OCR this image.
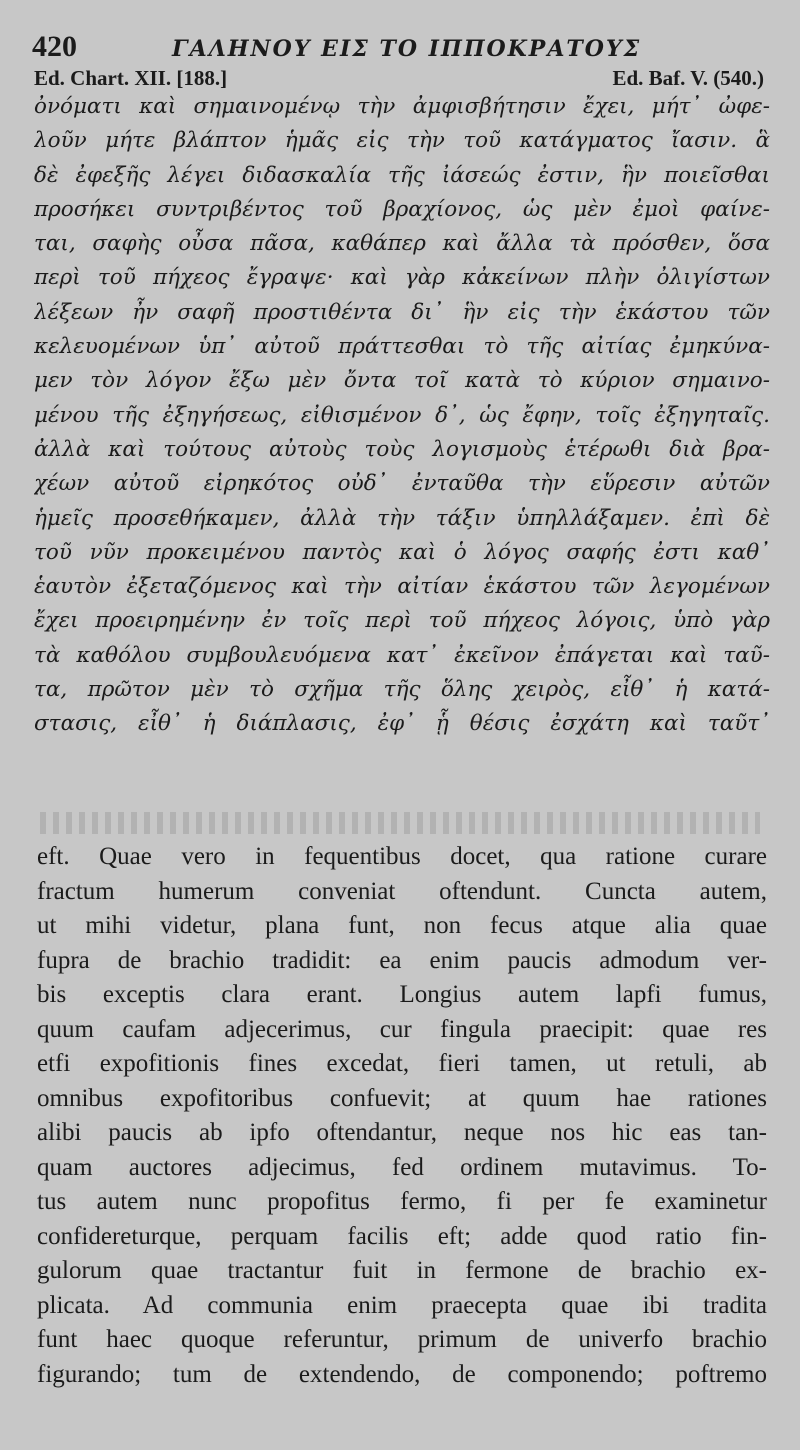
420	ΓΑΛΗΝΟΥ ΕΙΣ ΤΟ ΙΠΠΟΚΡΑΤΟΥΣ
Ed. Chart. XII. [188.]	Ed. Baf. V. (540.)
ὀνόματι καὶ σημαινομένῳ τὴν ἀμφισβήτησιν ἔχει, μήτ᾽ ὠφε-
λοῦν μήτε βλάπτον ἡμᾶς εἰς τὴν τοῦ κατάγματος ἴασιν. ἃ
δὲ ἐφεξῆς λέγει διδασκαλία τῆς ἰάσεώς ἐστιν, ἣν ποιεῖσθαι
προσήκει συντριβέντος τοῦ βραχίονος, ὡς μὲν ἐμοὶ φαίνε-
ται, σαφὴς οὖσα πᾶσα, καθάπερ καὶ ἄλλα τὰ πρόσθεν, ὅσα
περὶ τοῦ πήχεος ἔγραψε· καὶ γὰρ κἀκείνων πλὴν ὀλιγίστων
λέξεων ἦν σαφῆ προστιθέντα δι᾽ ἣν εἰς τὴν ἑκάστου τῶν
κελευομένων ὑπ᾽ αὐτοῦ πράττεσθαι τὸ τῆς αἰτίας ἐμηκύνα-
μεν τὸν λόγον ἔξω μὲν ὄντα τοῖ κατὰ τὸ κύριον σημαινο-
μένου τῆς ἐξηγήσεως, εἰθισμένον δ᾽, ὡς ἔφην, τοῖς ἐξηγηταῖς.
ἀλλὰ καὶ τούτους αὐτοὺς τοὺς λογισμοὺς ἑτέρωθι διὰ βρα-
χέων αὐτοῦ εἰρηκότος οὐδ᾽ ἐνταῦθα τὴν εὕρεσιν αὐτῶν
ἡμεῖς προσεθήκαμεν, ἀλλὰ τὴν τάξιν ὑπηλλάξαμεν. ἐπὶ δὲ
τοῦ νῦν προκειμένου παντὸς καὶ ὁ λόγος σαφής ἐστι καθ᾽
ἑαυτὸν ἐξεταζόμενος καὶ τὴν αἰτίαν ἑκάστου τῶν λεγομένων
ἔχει προειρημένην ἐν τοῖς περὶ τοῦ πήχεος λόγοις, ὑπὸ γὰρ
τὰ καθόλου συμβουλευόμενα κατ᾽ ἐκεῖνον ἐπάγεται καὶ ταῦ-
τα, πρῶτον μὲν τὸ σχῆμα τῆς ὅλης χειρὸς, εἶθ᾽ ἡ κατά-
στασις, εἶθ᾽ ἡ διάπλασις, ἐφ᾽ ᾗ θέσις ἐσχάτη καὶ ταῦτ᾽
eft. Quae vero in fequentibus docet, qua ratione curare
fractum humerum conveniat oftendunt. Cuncta autem,
ut mihi videtur, plana funt, non fecus atque alia quae
fupra de brachio tradidit: ea enim paucis admodum ver-
bis exceptis clara erant. Longius autem lapfi fumus,
quum caufam adjecerimus, cur fingula praecipit: quae res
etfi expofitionis fines excedat, fieri tamen, ut retuli, ab
omnibus expofitoribus confuevit; at quum hae rationes
alibi paucis ab ipfo oftendantur, neque nos hic eas tan-
quam auctores adjecimus, fed ordinem mutavimus. To-
tus autem nunc propofitus fermo, fi per fe examinetur
confidereturque, perquam facilis eft; adde quod ratio fin-
gulorum quae tractantur fuit in fermone de brachio ex-
plicata. Ad communia enim praecepta quae ibi tradita
funt haec quoque referuntur, primum de univerfo brachio
figurando; tum de extendendo, de componendo; poftremo
